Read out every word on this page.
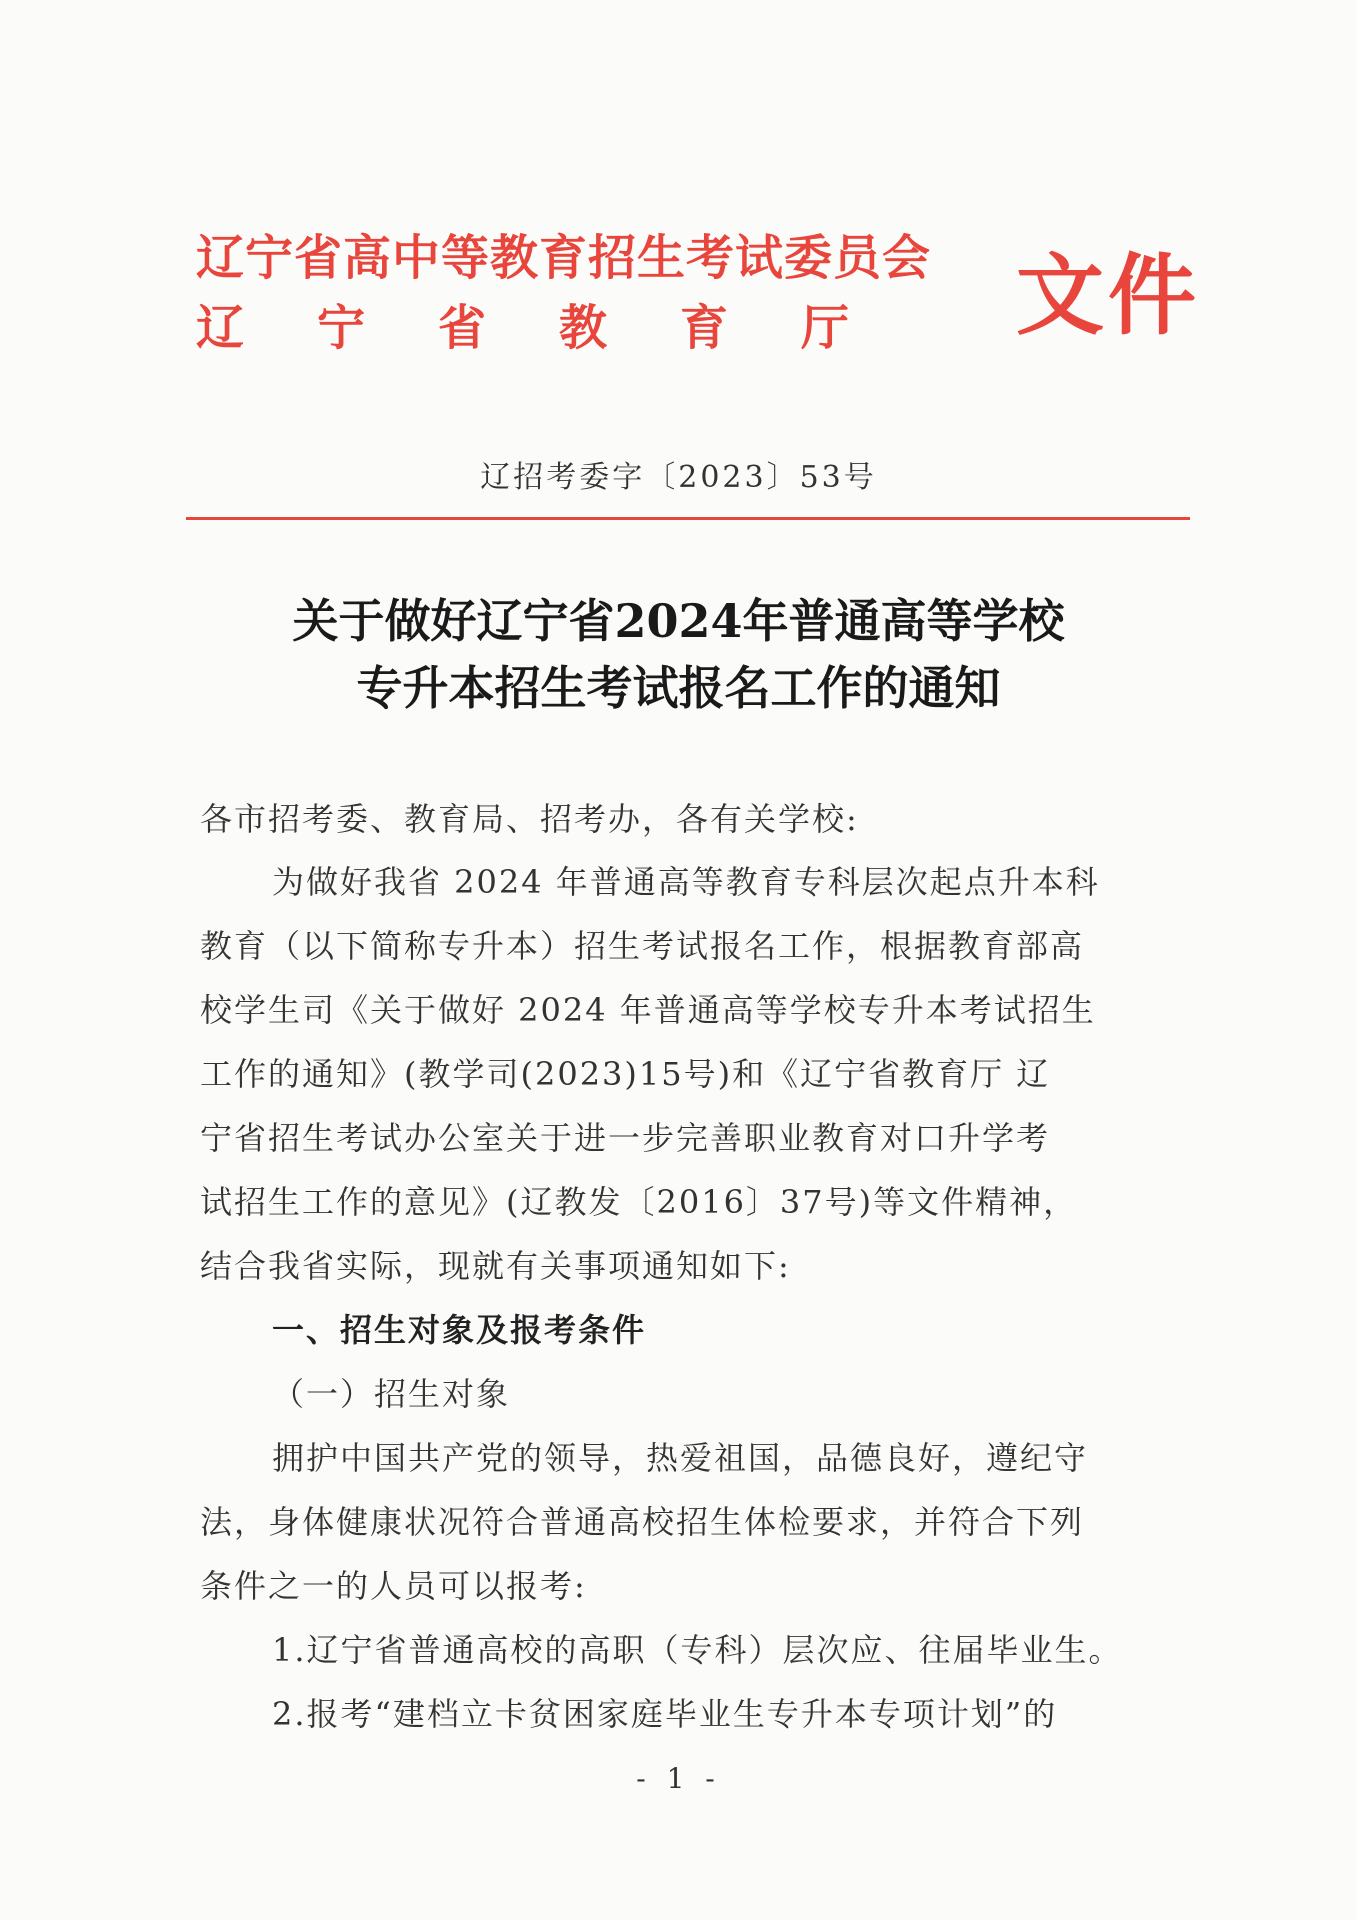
辽宁省高中等教育招生考试委员会
辽宁省教育厅	文件
辽招考委字〔2023〕53号
关于做好辽宁省2024年普通高等学校
专升本招生考试报名工作的通知
各市招考委、教育局、招考办，各有关学校:
为做好我省 2024 年普通高等教育专科层次起点升本科
教育（以下简称专升本）招生考试报名工作，根据教育部高
校学生司《关于做好 2024 年普通高等学校专升本考试招生
工作的通知》(教学司(2023)15号)和《辽宁省教育厅 辽
宁省招生考试办公室关于进一步完善职业教育对口升学考
试招生工作的意见》(辽教发〔2016〕37号)等文件精神，
结合我省实际，现就有关事项通知如下:
一、招生对象及报考条件
（一）招生对象
拥护中国共产党的领导，热爱祖国，品德良好，遵纪守
法，身体健康状况符合普通高校招生体检要求，并符合下列
条件之一的人员可以报考:
1.辽宁省普通高校的高职（专科）层次应、往届毕业生。
2.报考“建档立卡贫困家庭毕业生专升本专项计划”的
- 1 -
